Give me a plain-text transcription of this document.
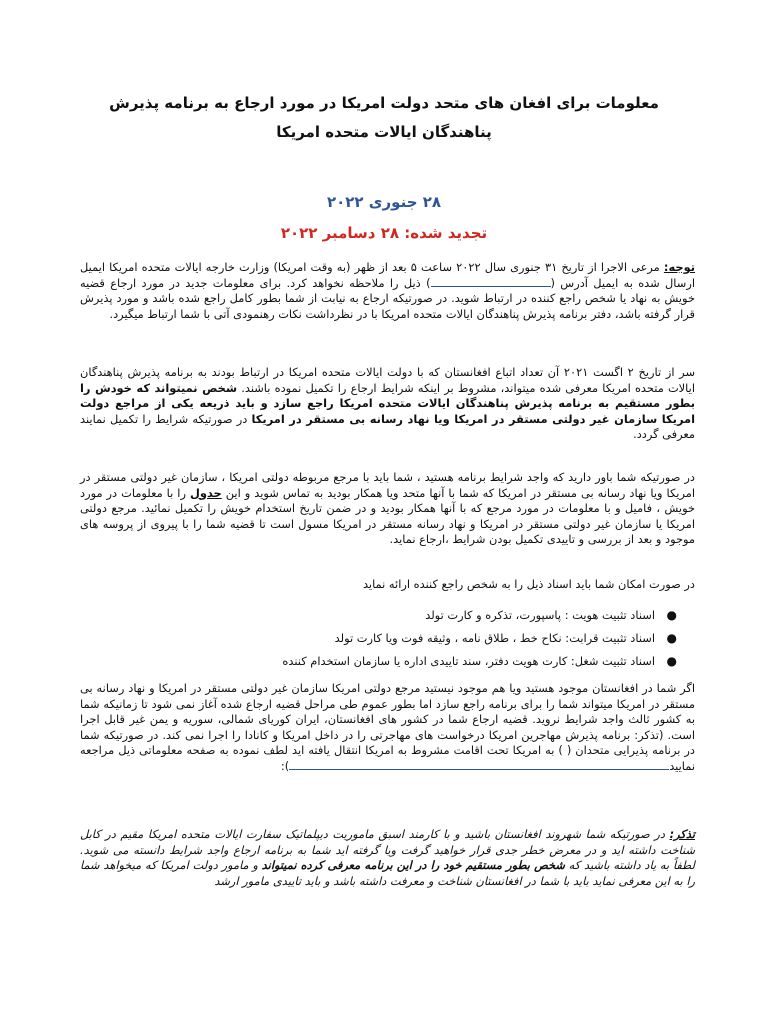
معلومات برای افغان های متحد دولت امریکا در مورد ارجاع به برنامه پذیرش
پناهندگان ایالات متحده امریکا
۲۸ جنوری ۲۰۲۲
تجدید شده: ۲۸ دسامبر ۲۰۲۲
توجه: مرعی الاجرا از تاریخ ۳۱ جنوری سال ۲۰۲۲ ساعت ۵ بعد از ظهر (به وقت امریکا) وزارت خارجه ایالات متحده امریکا ایمیل ارسال شده به ایمیل آدرس () ذیل را ملاحظه نخواهد کرد. برای معلومات جدید در مورد ارجاع قضیه خویش به نهاد یا شخص راجع کننده در ارتباط شوید. در صورتیکه ارجاع به نیابت از شما بطور کامل راجع شده باشد و مورد پذیرش قرار گرفته باشد، دفتر برنامه پذیرش پناهندگان ایالات متحده امریکا با در نظرداشت نکات رهنمودی آتی با شما ارتباط میگیرد.
سر از تاریخ ۲ اگست ۲۰۲۱ آن تعداد اتباع افغانستان که با دولت ایالات متحده امریکا در ارتباط بودند به برنامه پذیرش پناهندگان ایالات متحده امریکا معرفی شده میتواند، مشروط بر اینکه شرایط ارجاع را تکمیل نموده باشند. شخص نمیتواند که خودش را بطور مستقیم به برنامه پذیرش پناهندگان ایالات متحده امریکا راجع سازد و باید ذریعه یکی از مراجع دولت امریکا سازمان غیر دولتی مستقر در امریکا ویا نهاد رسانه بی مستقر در امریکا در صورتیکه شرایط را تکمیل نمایند معرفی گردد.
در صورتیکه شما باور دارید که واجد شرایط برنامه هستید ، شما باید با مرجع مربوطه دولتی امریکا ، سازمان غیر دولتی مستقر در امریکا ویا نهاد رسانه بی مستقر در امریکا که شما با آنها متحد ویا همکار بودید به تماس شوید و این جدول را با معلومات در مورد خویش ، فامیل و با معلومات در مورد مرجع که با آنها همکار بودید و در ضمن تاریخ استخدام خویش را تکمیل نمائید. مرجع دولتی امریکا یا سازمان غیر دولتی مستقر در امریکا و نهاد رسانه مستقر در امریکا مسول است تا قضیه شما را با پیروی از پروسه های موجود و بعد از بررسی و تاییدی تکمیل بودن شرایط ،ارجاع نماید.
در صورت امکان شما باید اسناد ذیل را به شخص راجع کننده ارائه نماید
●
اسناد تثبیت هویت : پاسپورت، تذکره و کارت تولد
●
اسناد تثبیت قرابت: نکاح خط ، طلاق نامه ، وثیقه فوت ویا کارت تولد
●
اسناد تثبیت شغل: کارت هویت دفتر، سند تاییدی اداره یا سازمان استخدام کننده
اگر شما در افغانستان موجود هستید ویا هم موجود نیستید مرجع دولتی امریکا سازمان غیر دولتی مستقر در امریکا و نهاد رسانه بی مستقر در امریکا میتواند شما را برای برنامه راجع سازد اما بطور عموم طی مراحل قضیه ارجاع شده آغاز نمی شود تا زمانیکه شما به کشور ثالث واجد شرایط نروید. قضیه ارجاع شما در کشور های افغانستان، ایران کوریای شمالی، سوریه و یمن غیر قابل اجرا است. (تذکر: برنامه پذیرش مهاجرین امریکا درخواست های مهاجرتی را در داخل امریکا و کانادا را اجرا نمی کند. در صورتیکه شما در برنامه پذیرایی متحدان ( ) به امریکا تحت اقامت مشروط به امریکا انتقال یافته اید لطف نموده به صفحه معلوماتی ذیل مراجعه نمایید):
تذکر: در صورتیکه شما شهروند افغانستان باشید و با کارمند اسبق ماموریت دیپلماتیک سفارت ایالات متحده امریکا مقیم در کابل شناخت داشته اید و در معرض خطر جدی قرار خواهید گرفت ویا گرفته اید شما به برنامه ارجاع واجد شرایط دانسته می شوید. لطفاً به یاد داشته باشید که شخص بطور مستقیم خود را در این برنامه معرفی کرده نمیتواند و مامور دولت امریکا که میخواهد شما را به این معرفی نماید باید با شما در افغانستان شناخت و معرفت داشته باشد و باید تاییدی مامور ارشد
